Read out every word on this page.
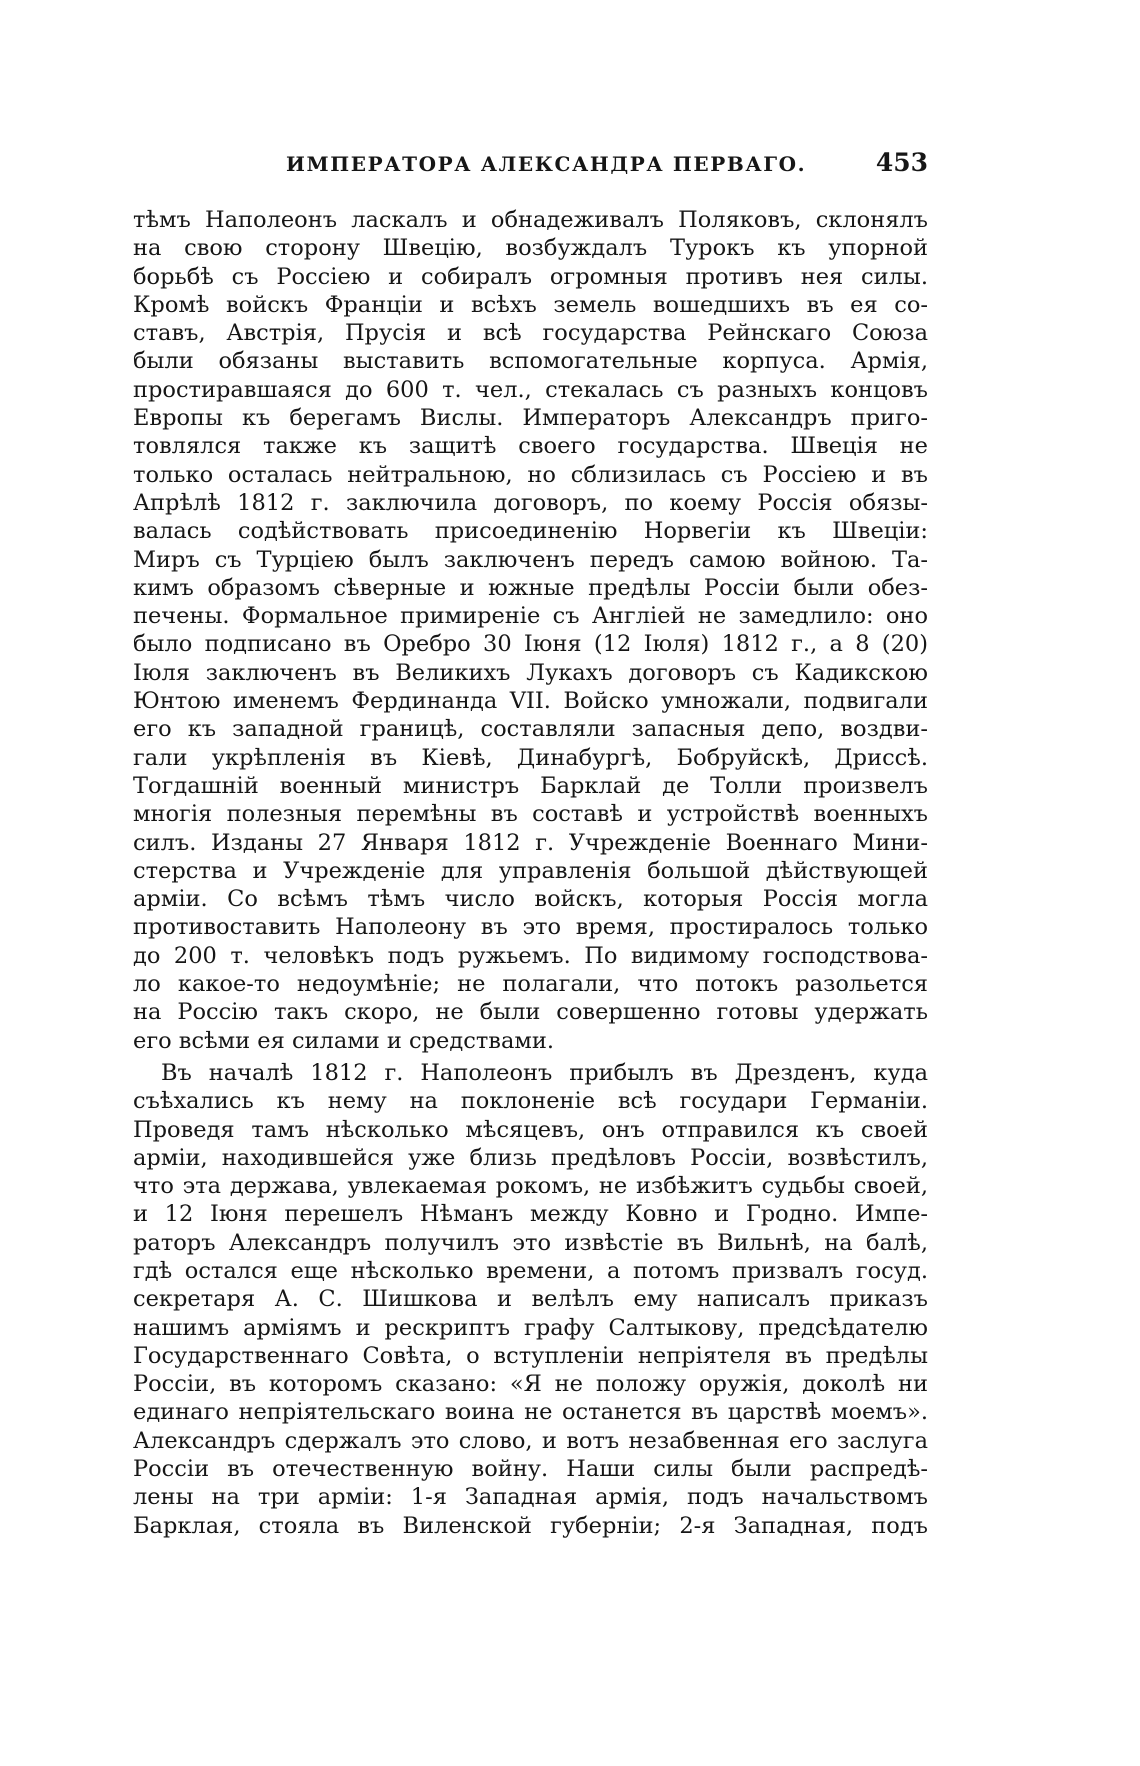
ИМПЕРАТОРА АЛЕКСАНДРА ПЕРВАГО.	453
тѣмъ Наполеонъ ласкалъ и обнадеживалъ Поляковъ, склонялъ
на свою сторону Швецію, возбуждалъ Турокъ къ упорной
борьбѣ съ Россіею и собиралъ огромныя противъ нея силы.
Кромѣ войскъ Франціи и всѣхъ земель вошедшихъ въ ея со-
ставъ, Австрія, Прусія и всѣ государства Рейнскаго Союза
были обязаны выставить вспомогательные корпуса. Армія,
простиравшаяся до 600 т. чел., стекалась съ разныхъ концовъ
Европы къ берегамъ Вислы. Императоръ Александръ приго-
товлялся также къ защитѣ своего государства. Швеція не
только осталась нейтральною, но сблизилась съ Россіею и въ
Апрѣлѣ 1812 г. заключила договоръ, по коему Россія обязы-
валась содѣйствовать присоединенію Норвегіи къ Швеціи:
Миръ съ Турціею былъ заключенъ передъ самою войною. Та-
кимъ образомъ сѣверные и южные предѣлы Россіи были обез-
печены. Формальное примиреніе съ Англіей не замедлило: оно
было подписано въ Оребро 30 Іюня (12 Іюля) 1812 г., а 8 (20)
Іюля заключенъ въ Великихъ Лукахъ договоръ съ Кадикскою
Юнтою именемъ Фердинанда VII. Войско умножали, подвигали
его къ западной границѣ, составляли запасныя депо, воздви-
гали укрѣпленія въ Кіевѣ, Динабургѣ, Бобруйскѣ, Дриссѣ.
Тогдашній военный министръ Барклай де Толли произвелъ
многія полезныя перемѣны въ составѣ и устройствѣ военныхъ
силъ. Изданы 27 Января 1812 г. Учрежденіе Военнаго Мини-
стерства и Учрежденіе для управленія большой дѣйствующей
арміи. Со всѣмъ тѣмъ число войскъ, которыя Россія могла
противоставить Наполеону въ это время, простиралось только
до 200 т. человѣкъ подъ ружьемъ. По видимому господствова-
ло какое-то недоумѣніе; не полагали, что потокъ разольется
на Россію такъ скоро, не были совершенно готовы удержать
его всѣми ея силами и средствами.
Въ началѣ 1812 г. Наполеонъ прибылъ въ Дрезденъ, куда
съѣхались къ нему на поклоненіе всѣ государи Германіи.
Проведя тамъ нѣсколько мѣсяцевъ, онъ отправился къ своей
арміи, находившейся уже близь предѣловъ Россіи, возвѣстилъ,
что эта держава, увлекаемая рокомъ, не избѣжитъ судьбы своей,
и 12 Іюня перешелъ Нѣманъ между Ковно и Гродно. Импе-
раторъ Александръ получилъ это извѣстіе въ Вильнѣ, на балѣ,
гдѣ остался еще нѣсколько времени, а потомъ призвалъ госуд.
секретаря А. С. Шишкова и велѣлъ ему написалъ приказъ
нашимъ арміямъ и рескриптъ графу Салтыкову, предсѣдателю
Государственнаго Совѣта, о вступленіи непріятеля въ предѣлы
Россіи, въ которомъ сказано: «Я не положу оружія, доколѣ ни
единаго непріятельскаго воина не останется въ царствѣ моемъ».
Александръ сдержалъ это слово, и вотъ незабвенная его заслуга
Россіи въ отечественную войну. Наши силы были распредѣ-
лены на три арміи: 1-я Западная армія, подъ начальствомъ
Барклая, стояла въ Виленской губерніи; 2-я Западная, подъ
